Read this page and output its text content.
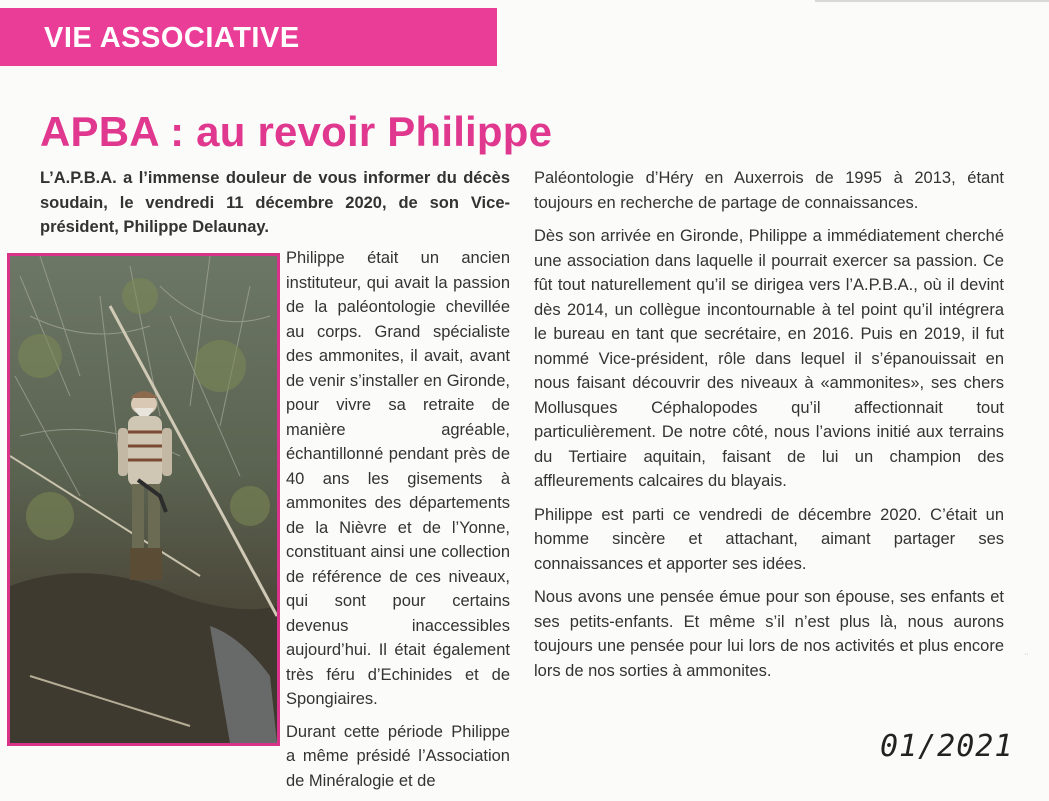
VIE ASSOCIATIVE
APBA : au revoir Philippe

L’A.P.B.A. a l’immense douleur de vous informer du décès soudain, le vendredi 11 décembre 2020, de son Vice-président, Philippe Delaunay.

Philippe était un ancien instituteur, qui avait la passion de la paléontologie chevillée au corps. Grand spécialiste des ammonites, il avait, avant de venir s’installer en Gironde, pour vivre sa retraite de manière agréable, échantillonné pendant près de 40 ans les gisements à ammonites des départements de la Nièvre et de l’Yonne, constituant ainsi une collection de référence de ces niveaux, qui sont pour certains devenus inaccessibles aujourd’hui. Il était également très féru d’Echinides et de Spongiaires.

Durant cette période Philippe a même présidé l’Association de Minéralogie et de

Paléontologie d’Héry en Auxerrois de 1995 à 2013, étant toujours en recherche de partage de connaissances.

Dès son arrivée en Gironde, Philippe a immédiatement cherché une association dans laquelle il pourrait exercer sa passion. Ce fût tout naturellement qu’il se dirigea vers l’A.P.B.A., où il devint dès 2014, un collègue incontournable à tel point qu’il intégrera le bureau en tant que secrétaire, en 2016. Puis en 2019, il fut nommé Vice-président, rôle dans lequel il s’épanouissait en nous faisant découvrir des niveaux à «ammonites», ses chers Mollusques Céphalopodes qu’il affectionnait tout particulièrement. De notre côté, nous l’avions initié aux terrains du Tertiaire aquitain, faisant de lui un champion des affleurements calcaires du blayais.

Philippe est parti ce vendredi de décembre 2020. C’était un homme sincère et attachant, aimant partager ses connaissances et apporter ses idées.

Nous avons une pensée émue pour son épouse, ses enfants et ses petits-enfants. Et même s’il n’est plus là, nous aurons toujours une pensée pour lui lors de nos activités et plus encore lors de nos sorties à ammonites.

··
01/2021
